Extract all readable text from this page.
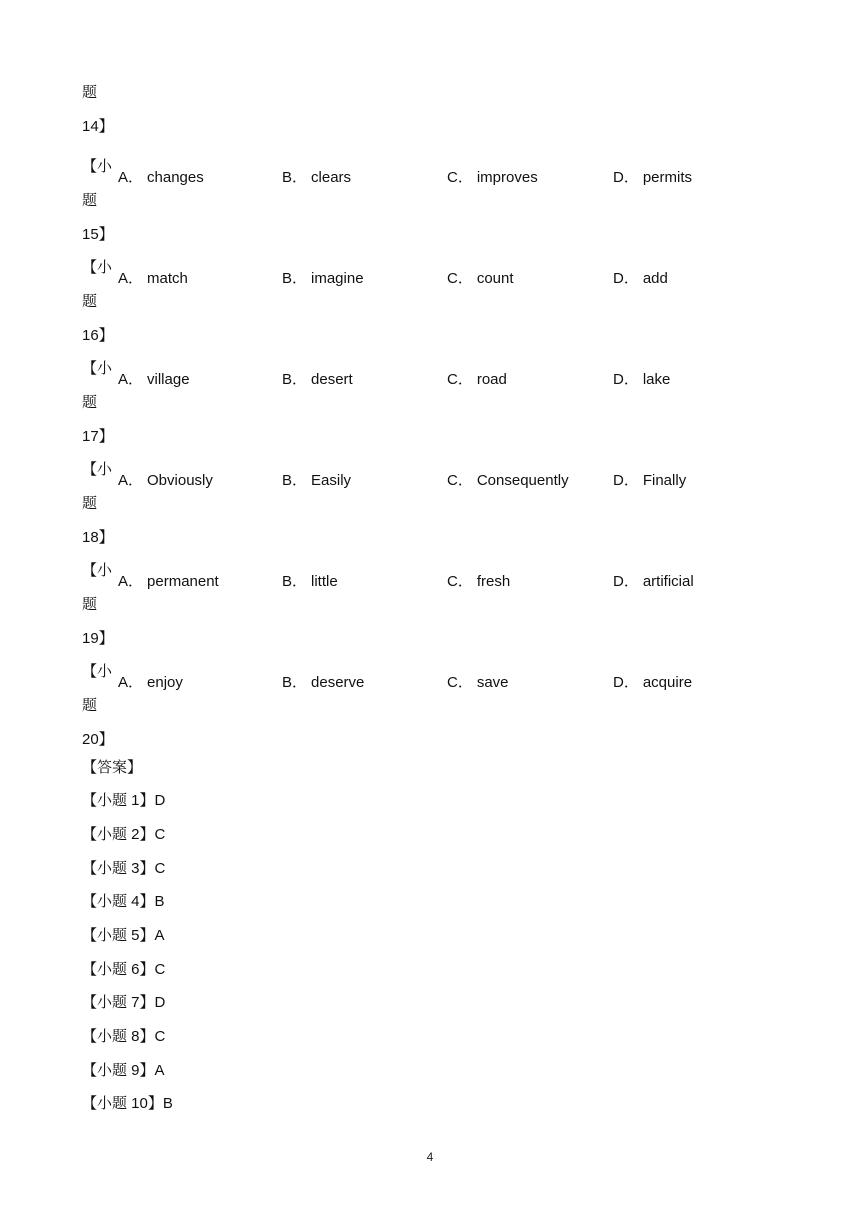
题
14】
【小
题
15】
A． changes	B． clears	C． improves	D． permits
【小
题
16】
A． match	B． imagine	C． count	D． add
【小
题
17】
A． village	B． desert	C． road	D． lake
【小
题
18】
A． Obviously	B． Easily	C． Consequently	D． Finally
【小
题
19】
A． permanent	B． little	C． fresh	D． artificial
【小
题
20】
A． enjoy	B． deserve	C． save	D． acquire
【答案】
【小题 1】D
【小题 2】C
【小题 3】C
【小题 4】B
【小题 5】A
【小题 6】C
【小题 7】D
【小题 8】C
【小题 9】A
【小题 10】B
4
